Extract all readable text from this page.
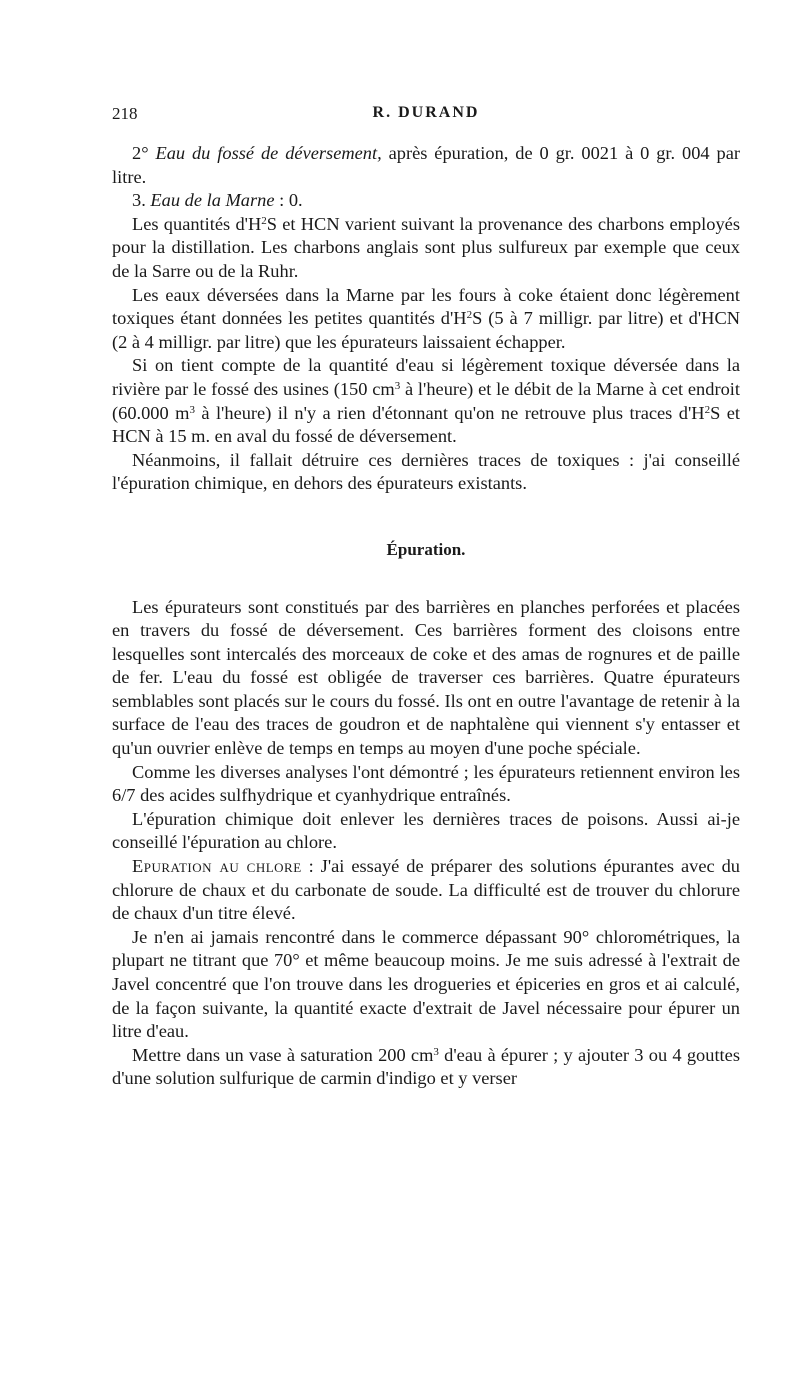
218	R. DURAND

2° Eau du fossé de déversement, après épuration, de 0 gr. 0021 à 0 gr. 004 par litre.

3. Eau de la Marne : 0.

Les quantités $d'H^2S$ et HCN varient suivant la provenance des charbons employés pour la distillation. Les charbons anglais sont plus sulfureux par exemple que ceux de la Sarre ou de la Ruhr.

Les eaux déversées dans la Marne par les fours à coke étaient donc légèrement toxiques étant données les petites quantités $d'H^2S$ (5 à 7 milligr. par litre) et d'HCN (2 à 4 milligr. par litre) que les épurateurs laissaient échapper.

Si on tient compte de la quantité d'eau si légèrement toxique déversée dans la rivière par le fossé des usines (150 $cm^3$ à l'heure) et le débit de la Marne à cet endroit (60.000 $m^3$ à l'heure) il n'y a rien d'étonnant qu'on ne retrouve plus traces $d'H^2S$ et HCN à 15 m. en aval du fossé de déversement.

Néanmoins, il fallait détruire ces dernières traces de toxiques : j'ai conseillé l'épuration chimique, en dehors des épurateurs existants.

Épuration.

Les épurateurs sont constitués par des barrières en planches perforées et placées en travers du fossé de déversement. Ces barrières forment des cloisons entre lesquelles sont intercalés des morceaux de coke et des amas de rognures et de paille de fer. L'eau du fossé est obligée de traverser ces barrières. Quatre épurateurs semblables sont placés sur le cours du fossé. Ils ont en outre l'avantage de retenir à la surface de l'eau des traces de goudron et de naphtalène qui viennent s'y entasser et qu'un ouvrier enlève de temps en temps au moyen d'une poche spéciale.

Comme les diverses analyses l'ont démontré ; les épurateurs retiennent environ les 6/7 des acides sulfhydrique et cyanhydrique entraînés.

L'épuration chimique doit enlever les dernières traces de poisons. Aussi ai-je conseillé l'épuration au chlore.

Epuration au chlore : J'ai essayé de préparer des solutions épurantes avec du chlorure de chaux et du carbonate de soude. La difficulté est de trouver du chlorure de chaux d'un titre élevé.

Je n'en ai jamais rencontré dans le commerce dépassant 90° chlorométriques, la plupart ne titrant que 70° et même beaucoup moins. Je me suis adressé à l'extrait de Javel concentré que l'on trouve dans les drogueries et épiceries en gros et ai calculé, de la façon suivante, la quantité exacte d'extrait de Javel nécessaire pour épurer un litre d'eau.

Mettre dans un vase à saturation 200 $cm^3$ d'eau à épurer ; y ajouter 3 ou 4 gouttes d'une solution sulfurique de carmin d'indigo et y verser
